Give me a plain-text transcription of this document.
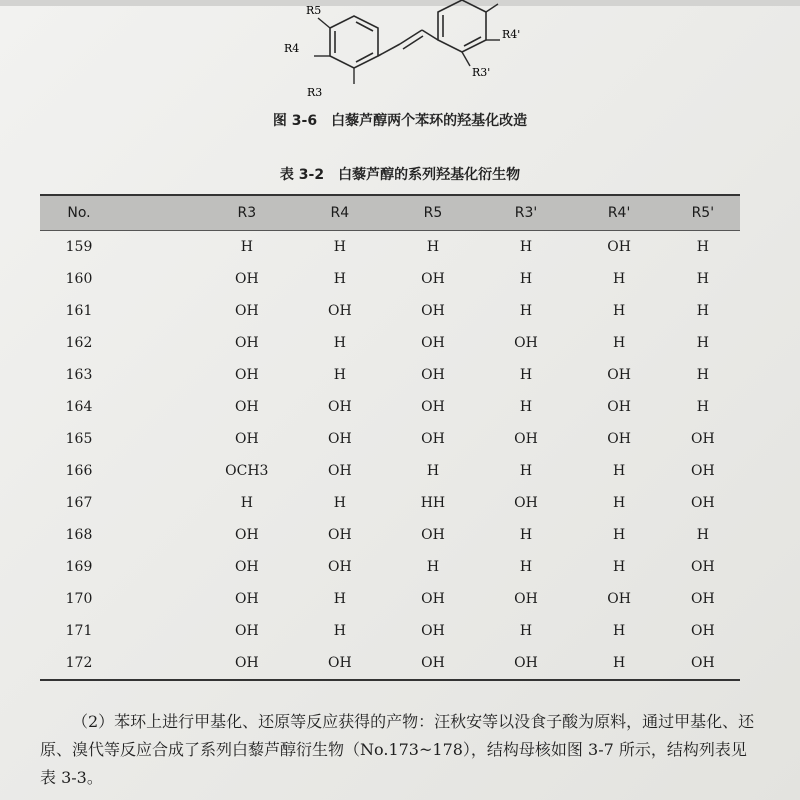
R5
R4
R3
R4'
R3'
图 3-6 白藜芦醇两个苯环的羟基化改造
表 3-2 白藜芦醇的系列羟基化衍生物
No.	R3	R4	R5	R3'	R4'	R5'
159	H	H	H	H	OH	H
160	OH	H	OH	H	H	H
161	OH	OH	OH	H	H	H
162	OH	H	OH	OH	H	H
163	OH	H	OH	H	OH	H
164	OH	OH	OH	H	OH	H
165	OH	OH	OH	OH	OH	OH
166	OCH3	OH	H	H	H	OH
167	H	H	HH	OH	H	OH
168	OH	OH	OH	H	H	H
169	OH	OH	H	H	H	OH
170	OH	H	OH	OH	OH	OH
171	OH	H	OH	H	H	OH
172	OH	OH	OH	OH	H	OH
（2）苯环上进行甲基化、还原等反应获得的产物：汪秋安等以没食子酸为原料，通过甲基化、还原、溴代等反应合成了系列白藜芦醇衍生物（No.173~178），结构母核如图 3-7 所示，结构列表见表 3-3。
